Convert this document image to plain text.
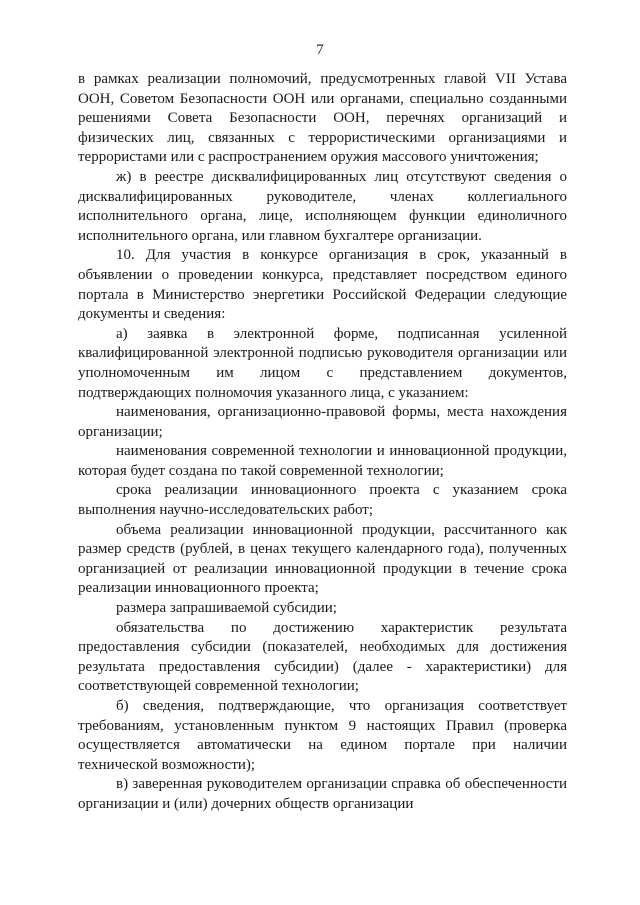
7

в рамках реализации полномочий, предусмотренных главой VII Устава ООН, Советом Безопасности ООН или органами, специально созданными решениями Совета Безопасности ООН, перечнях организаций и физических лиц, связанных с террористическими организациями и террористами или с распространением оружия массового уничтожения;

ж) в реестре дисквалифицированных лиц отсутствуют сведения о дисквалифицированных руководителе, членах коллегиального исполнительного органа, лице, исполняющем функции единоличного исполнительного органа, или главном бухгалтере организации.

10. Для участия в конкурсе организация в срок, указанный в объявлении о проведении конкурса, представляет посредством единого портала в Министерство энергетики Российской Федерации следующие документы и сведения:

а) заявка в электронной форме, подписанная усиленной квалифицированной электронной подписью руководителя организации или уполномоченным им лицом с представлением документов, подтверждающих полномочия указанного лица, с указанием:

наименования, организационно-правовой формы, места нахождения организации;

наименования современной технологии и инновационной продукции, которая будет создана по такой современной технологии;

срока реализации инновационного проекта с указанием срока выполнения научно-исследовательских работ;

объема реализации инновационной продукции, рассчитанного как размер средств (рублей, в ценах текущего календарного года), полученных организацией от реализации инновационной продукции в течение срока реализации инновационного проекта;

размера запрашиваемой субсидии;

обязательства по достижению характеристик результата предоставления субсидии (показателей, необходимых для достижения результата предоставления субсидии) (далее - характеристики) для соответствующей современной технологии;

б) сведения, подтверждающие, что организация соответствует требованиям, установленным пунктом 9 настоящих Правил (проверка осуществляется автоматически на едином портале при наличии технической возможности);

в) заверенная руководителем организации справка об обеспеченности организации и (или) дочерних обществ организации
